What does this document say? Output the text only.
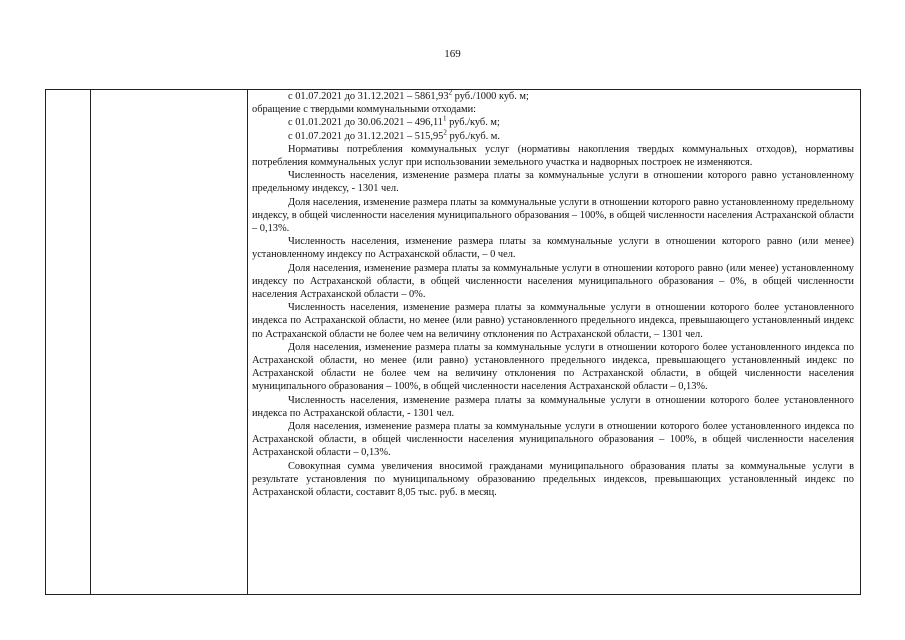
169

с 01.07.2021 до 31.12.2021 – 5861,93$^2$ руб./1000 куб. м;

обращение с твердыми коммунальными отходами:

с 01.01.2021 до 30.06.2021 – 496,11$^1$ руб./куб. м;

с 01.07.2021 до 31.12.2021 – 515,95$^2$ руб./куб. м.

Нормативы потребления коммунальных услуг (нормативы накопления твердых коммунальных отходов), нормативы потребления коммунальных услуг при использовании земельного участка и надворных построек не изменяются.

Численность населения, изменение размера платы за коммунальные услуги в отношении которого равно установленному предельному индексу, - 1301 чел.

Доля населения, изменение размера платы за коммунальные услуги в отношении которого равно установленному предельному индексу, в общей численности населения муниципального образования – 100%, в общей численности населения Астраханской области – 0,13%.

Численность населения, изменение размера платы за коммунальные услуги в отношении которого равно (или менее) установленному индексу по Астраханской области, – 0 чел.

Доля населения, изменение размера платы за коммунальные услуги в отношении которого равно (или менее) установленному индексу по Астраханской области, в общей численности населения муниципального образования – 0%, в общей численности населения Астраханской области – 0%.

Численность населения, изменение размера платы за коммунальные услуги в отношении которого более установленного индекса по Астраханской области, но менее (или равно) установленного предельного индекса, превышающего установленный индекс по Астраханской области не более чем на величину отклонения по Астраханской области, – 1301 чел.

Доля населения, изменение размера платы за коммунальные услуги в отношении которого более установленного индекса по Астраханской области, но менее (или равно) установленного предельного индекса, превышающего установленный индекс по Астраханской области не более чем на величину отклонения по Астраханской области, в общей численности населения муниципального образования – 100%, в общей численности населения Астраханской области – 0,13%.

Численность населения, изменение размера платы за коммунальные услуги в отношении которого более установленного индекса по Астраханской области, - 1301 чел.

Доля населения, изменение размера платы за коммунальные услуги в отношении которого более установленного индекса по Астраханской области, в общей численности населения муниципального образования – 100%, в общей численности населения Астраханской области – 0,13%.

Совокупная сумма увеличения вносимой гражданами муниципального образования платы за коммунальные услуги в результате установления по муниципальному образованию предельных индексов, превышающих установленный индекс по Астраханской области, составит 8,05 тыс. руб. в месяц.
